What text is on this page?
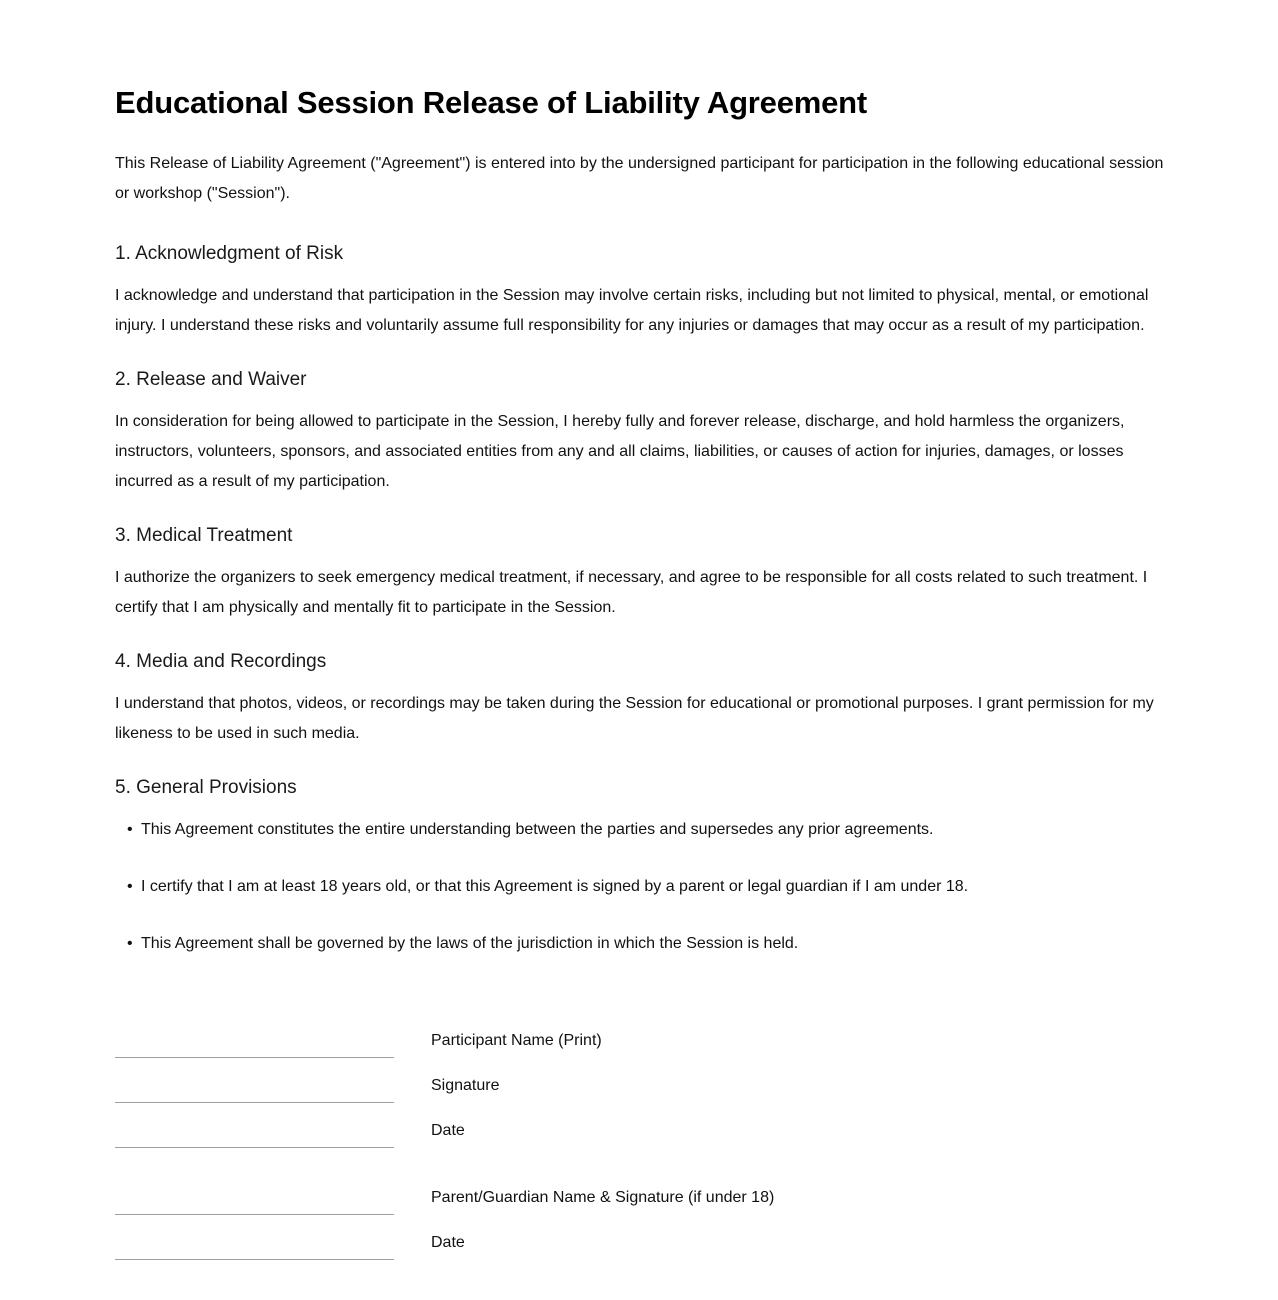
Educational Session Release of Liability Agreement

This Release of Liability Agreement ("Agreement") is entered into by the undersigned participant for participation in the following educational session or workshop ("Session").

1. Acknowledgment of Risk

I acknowledge and understand that participation in the Session may involve certain risks, including but not limited to physical, mental, or emotional injury. I understand these risks and voluntarily assume full responsibility for any injuries or damages that may occur as a result of my participation.

2. Release and Waiver

In consideration for being allowed to participate in the Session, I hereby fully and forever release, discharge, and hold harmless the organizers, instructors, volunteers, sponsors, and associated entities from any and all claims, liabilities, or causes of action for injuries, damages, or losses incurred as a result of my participation.

3. Medical Treatment

I authorize the organizers to seek emergency medical treatment, if necessary, and agree to be responsible for all costs related to such treatment. I certify that I am physically and mentally fit to participate in the Session.

4. Media and Recordings

I understand that photos, videos, or recordings may be taken during the Session for educational or promotional purposes. I grant permission for my likeness to be used in such media.

5. General Provisions
• This Agreement constitutes the entire understanding between the parties and supersedes any prior agreements.
• I certify that I am at least 18 years old, or that this Agreement is signed by a parent or legal guardian if I am under 18.
• This Agreement shall be governed by the laws of the jurisdiction in which the Session is held.
Participant Name (Print)
Signature
Date
Parent/Guardian Name & Signature (if under 18)
Date
